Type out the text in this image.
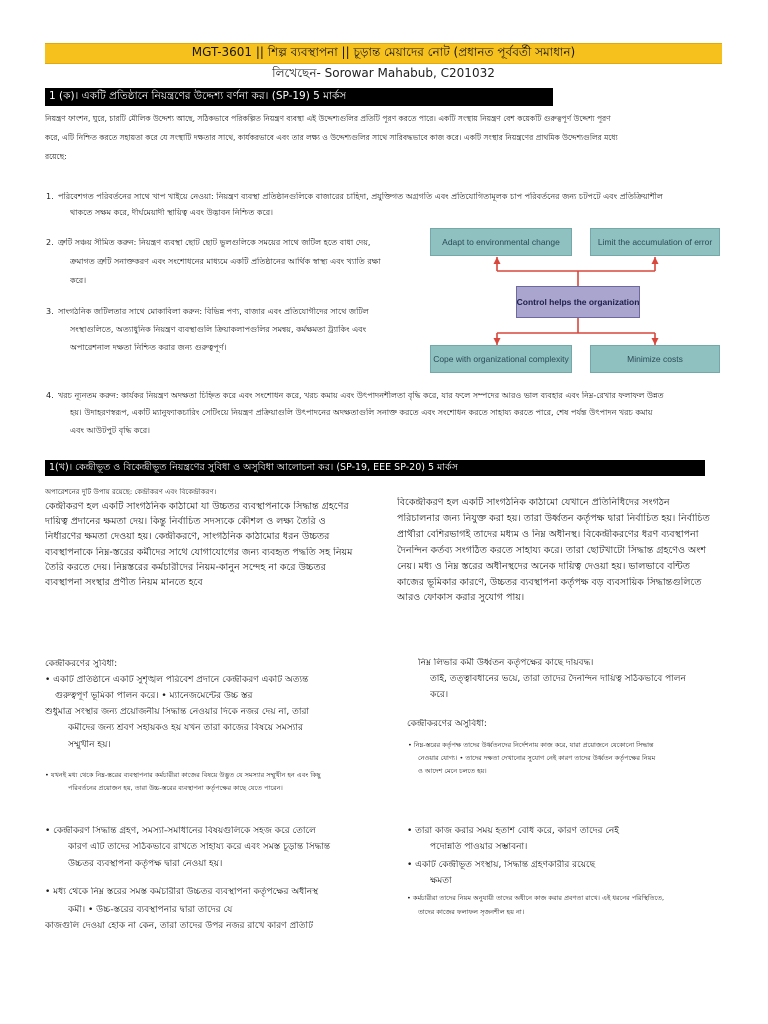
MGT-3601 || শিল্প ব্যবস্থাপনা || চূড়ান্ত মেয়াদের নোট (প্রধানত পূর্ববর্তী সমাধান)
লিখেছেন- Sorowar Mahabub, C201032
1 (ক)। একটি প্রতিষ্ঠানে নিয়ন্ত্রণের উদ্দেশ্য বর্ণনা কর। (SP-19) 5 মার্কস
নিয়ন্ত্রণ ফাংশন, ঘুরে, চারটি মৌলিক উদ্দেশ্য আছে, সঠিকভাবে পরিকল্পিত নিয়ন্ত্রণ ব্যবস্থা এই উদ্দেশ্যগুলির প্রতিটি পূরণ করতে পারে। একটি সংস্থায় নিয়ন্ত্রণ বেশ কয়েকটি গুরুত্বপূর্ণ উদ্দেশ্য পূরণ
করে, এটি নিশ্চিত করতে সহায়তা করে যে সংস্থাটি দক্ষতার সাথে, কার্যকরভাবে এবং তার লক্ষ্য ও উদ্দেশ্যগুলির সাথে সারিবদ্ধভাবে কাজ করে। একটি সংস্থার নিয়ন্ত্রণের প্রাথমিক উদ্দেশ্যগুলির মধ্যে
রয়েছে:
1. পরিবেশগত পরিবর্তনের সাথে খাপ খাইয়ে নেওয়া: নিয়ন্ত্রণ ব্যবস্থা প্রতিষ্ঠানগুলিকে বাজারের চাহিদা, প্রযুক্তিগত অগ্রগতি এবং প্রতিযোগিতামূলক চাপ পরিবর্তনের জন্য চটপটে এবং প্রতিক্রিয়াশীল
থাকতে সক্ষম করে, দীর্ঘমেয়াদী স্থায়িত্ব এবং উদ্ভাবন নিশ্চিত করে।
2. ত্রুটি সঞ্চয় সীমিত করুন: নিয়ন্ত্রণ ব্যবস্থা ছোট ছোট ভুলগুলিকে সময়ের সাথে জটিল হতে বাধা দেয়,
ক্রমাগত ত্রুটি সনাক্তকরণ এবং সংশোধনের মাধ্যমে একটি প্রতিষ্ঠানের আর্থিক স্বাস্থ্য এবং খ্যাতি রক্ষা
করে।
3. সাংগঠনিক জটিলতার সাথে মোকাবিলা করুন: বিভিন্ন পণ্য, বাজার এবং প্রতিযোগীদের সাথে জটিল
সংস্থাগুলিতে, অত্যাধুনিক নিয়ন্ত্রণ ব্যবস্থাগুলি ক্রিয়াকলাপগুলির সমন্বয়, কর্মক্ষমতা ট্র্যাকিং এবং
অপারেশনাল দক্ষতা নিশ্চিত করার জন্য গুরুত্বপূর্ণ।
Adapt to environmental change	Limit the accumulation of error
Control helps the organization
Cope with organizational complexity	Minimize costs
4. খরচ ন্যূনতম করুন: কার্যকর নিয়ন্ত্রণ অদক্ষতা চিহ্নিত করে এবং সংশোধন করে, খরচ কমায় এবং উৎপাদনশীলতা বৃদ্ধি করে, যার ফলে সম্পদের আরও ভাল ব্যবহার এবং নিম্ন-রেখার ফলাফল উন্নত
হয়। উদাহরণস্বরূপ, একটি ম্যানুফ্যাকচারিং সেটিংয়ে নিয়ন্ত্রণ প্রক্রিয়াগুলি উৎপাদনের অদক্ষতাগুলি সনাক্ত করতে এবং সংশোধন করতে সাহায্য করতে পারে, শেষ পর্যন্ত উৎপাদন খরচ কমায়
এবং আউটপুট বৃদ্ধি করে।
1(খ)। কেন্দ্রীভূত ও বিকেন্দ্রীভূত নিয়ন্ত্রণের সুবিধা ও অসুবিধা আলোচনা কর। (SP-19, EEE SP-20) 5 মার্কস
অপারেশনের দুটি উপায় রয়েছে: কেন্দ্রীকরণ এবং বিকেন্দ্রীকরণ।
কেন্দ্রীকরণ হল একটি সাংগঠনিক কাঠামো যা উচ্চতর ব্যবস্থাপনাকে সিদ্ধান্ত গ্রহণের
দায়িত্ব প্রদানের ক্ষমতা দেয়। কিন্তু নির্বাচিত সদস্যকে কৌশল ও লক্ষ্য তৈরি ও
নির্ধারণের ক্ষমতা দেওয়া হয়। কেন্দ্রীকরণে, সাংগঠনিক কাঠামোর ধরন উচ্চতর
ব্যবস্থাপনাকে নিম্ন-স্তরের কর্মীদের সাথে যোগাযোগের জন্য ব্যবহৃত পদ্ধতি সহ নিয়ম
তৈরি করতে দেয়। নিম্নস্তরের কর্মচারীদের নিয়ম-কানুন সন্দেহ না করে উচ্চতর
ব্যবস্থাপনা সংস্থার প্রণীত নিয়ম মানতে হবে
বিকেন্দ্রীকরণ হল একটি সাংগঠনিক কাঠামো যেখানে প্রতিনিধিদের সংগঠন
পরিচালনার জন্য নিযুক্ত করা হয়। তারা উর্ধ্বতন কর্তৃপক্ষ দ্বারা নির্বাচিত হয়। নির্বাচিত
প্রার্থীরা বেশিরভাগই তাদের মধ্যম ও নিম্ন অধীনস্থ। বিকেন্দ্রীকরণের ধরণ ব্যবস্থাপনা
দৈনন্দিন কর্তব্য সংগঠিত করতে সাহায্য করে। তারা ছোটখাটো সিদ্ধান্ত গ্রহণেও অংশ
নেয়। মধ্য ও নিম্ন স্তরের অধীনস্থদের অনেক দায়িত্ব দেওয়া হয়। ভালভাবে বন্টিত
কাজের ভূমিকার কারণে, উচ্চতর ব্যবস্থাপনা কর্তৃপক্ষ বড় ব্যবসায়িক সিদ্ধান্তগুলিতে
আরও ফোকাস করার সুযোগ পায়।
কেন্দ্রীকরণের সুবিধা:
• একটি প্রতিষ্ঠানে একটি সুশৃঙ্খল পরিবেশ প্রদানে কেন্দ্রীকরণ একটি অত্যন্ত
গুরুত্বপূর্ণ ভূমিকা পালন করে। • ম্যানেজমেন্টের উচ্চ স্তর
শুধুমাত্র সংস্থার জন্য প্রয়োজনীয় সিদ্ধান্ত নেওয়ার দিকে নজর দেয় না, তারা
কর্মীদের জন্য শ্রবণ সহায়কও হয় যখন তারা কাজের বিষয়ে সমস্যার
সম্মুখীন হয়।
• যখনই মধ্য থেকে নিম্ন-স্তরের ব্যবস্থাপনার কর্মচারীরা কাজের বিষয়ে উদ্ভূত যে সমস্যার সম্মুখীন হন এবং কিছু
পরিবর্তনের প্রয়োজন হয়, তারা উচ্চ-স্তরের ব্যবস্থাপনা কর্তৃপক্ষের কাছে যেতে পারেন।
• কেন্দ্রীকরণ সিদ্ধান্ত গ্রহণ, সমস্যা-সমাধানের বিষয়গুলিকে সহজ করে তোলে
কারণ এটি তাদের সঠিকভাবে রাখতে সাহায্য করে এবং সমস্ত চূড়ান্ত সিদ্ধান্ত
উচ্চতর ব্যবস্থাপনা কর্তৃপক্ষ দ্বারা নেওয়া হয়।
• মধ্য থেকে নিম্ন স্তরের সমস্ত কর্মচারীরা উচ্চতর ব্যবস্থাপনা কর্তৃপক্ষের অধীনস্থ
কর্মী। • উচ্চ-স্তরের ব্যবস্থাপনার দ্বারা তাদের যে
কাজগুলি দেওয়া হোক না কেন, তারা তাদের উপর নজর রাখে কারণ প্রতিটি
নিম্ন লিভার কর্মী উর্ধ্বতন কর্তৃপক্ষের কাছে দায়বদ্ধ।
তাই, তত্ত্বাবধানের ভয়ে, তারা তাদের দৈনন্দিন দায়িত্ব সঠিকভাবে পালন
করে।
কেন্দ্রীকরণের অসুবিধা:
• নিম্ন-স্তরের কর্তৃপক্ষ তাদের উর্ধ্বতনদের নির্দেশনায় কাজ করে, যারা প্রয়োজনে যেকোনো সিদ্ধান্ত
নেওয়ার যোগ্য। • তাদের দক্ষতা দেখানোর সুযোগ নেই কারণ তাদের উর্ধ্বতন কর্তৃপক্ষের নিয়ম
ও আদেশ মেনে চলতে হয়।
• তারা কাজ করার সময় হতাশ বোধ করে, কারণ তাদের নেই
পদোন্নতি পাওয়ার সম্ভাবনা।
• একটি কেন্দ্রীভূত সংস্থায়, সিদ্ধান্ত গ্রহণকারীর রয়েছে
ক্ষমতা
• কর্মচারীরা তাদের নিয়ম অনুযায়ী তাদের অধীনে কাজ করার প্রবণতা রাখে। এই ধরনের পরিস্থিতিতে,
তাদের কাজের ফলাফল সৃজনশীল হয় না।
